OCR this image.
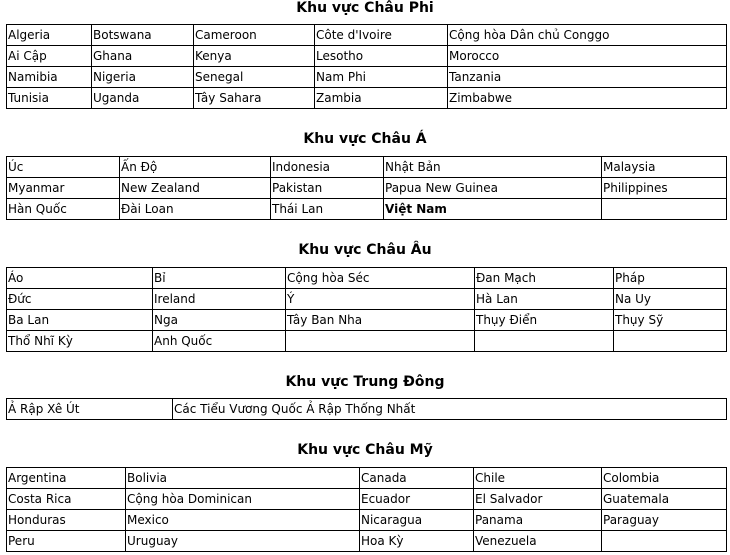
Khu vực Châu Phi
Algeria	Botswana	Cameroon	Côte d'Ivoire	Cộng hòa Dân chủ Conggo
Ai Cập	Ghana	Kenya	Lesotho	Morocco
Namibia	Nigeria	Senegal	Nam Phi	Tanzania
Tunisia	Uganda	Tây Sahara	Zambia	Zimbabwe
Khu vực Châu Á
Úc	Ấn Độ	Indonesia	Nhật Bản	Malaysia
Myanmar	New Zealand	Pakistan	Papua New Guinea	Philippines
Hàn Quốc	Đài Loan	Thái Lan	Việt Nam	
Khu vực Châu Âu
Áo	Bỉ	Cộng hòa Séc	Đan Mạch	Pháp
Đức	Ireland	Ý	Hà Lan	Na Uy
Ba Lan	Nga	Tây Ban Nha	Thụy Điển	Thụy Sỹ
Thổ Nhĩ Kỳ	Anh Quốc			
Khu vực Trung Đông
Ả Rập Xê Út	Các Tiểu Vương Quốc Ả Rập Thống Nhất
Khu vực Châu Mỹ
Argentina	Bolivia	Canada	Chile	Colombia
Costa Rica	Cộng hòa Dominican	Ecuador	El Salvador	Guatemala
Honduras	Mexico	Nicaragua	Panama	Paraguay
Peru	Uruguay	Hoa Kỳ	Venezuela	
